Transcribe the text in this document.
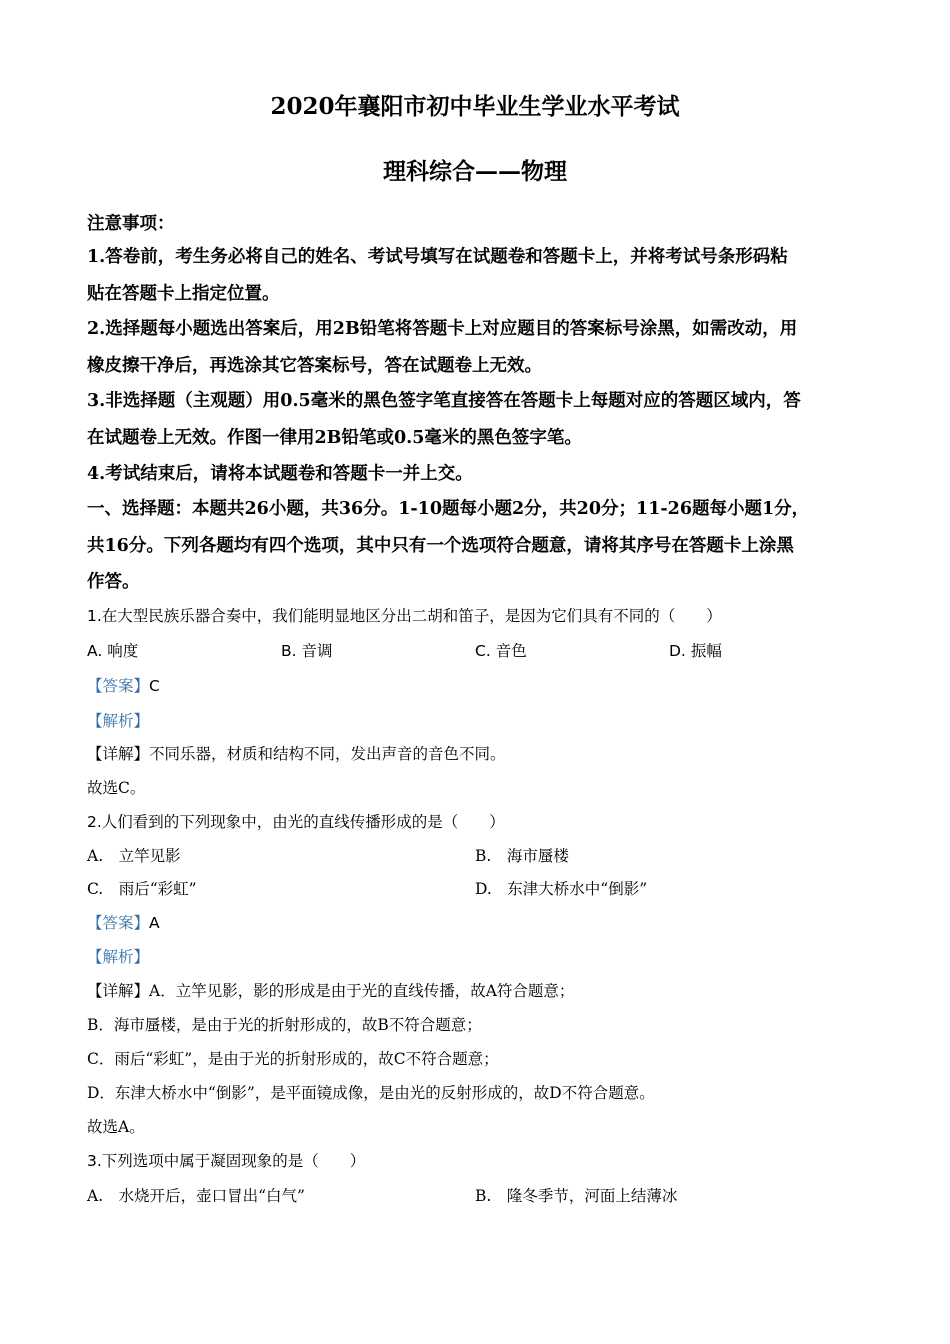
2020年襄阳市初中毕业生学业水平考试
理科综合——物理
注意事项：
1.答卷前，考生务必将自己的姓名、考试号填写在试题卷和答题卡上，并将考试号条形码粘
贴在答题卡上指定位置。
2.选择题每小题选出答案后，用2B铅笔将答题卡上对应题目的答案标号涂黑，如需改动，用
橡皮擦干净后，再选涂其它答案标号，答在试题卷上无效。
3.非选择题（主观题）用0.5毫米的黑色签字笔直接答在答题卡上每题对应的答题区域内，答
在试题卷上无效。作图一律用2B铅笔或0.5毫米的黑色签字笔。
4.考试结束后，请将本试题卷和答题卡一并上交。
一、选择题：本题共26小题，共36分。1-10题每小题2分，共20分；11-26题每小题1分，
共16分。下列各题均有四个选项，其中只有一个选项符合题意，请将其序号在答题卡上涂黑
作答。
1.在大型民族乐器合奏中，我们能明显地区分出二胡和笛子，是因为它们具有不同的（　　）
A. 响度	B. 音调	C. 音色	D. 振幅
【答案】C
【解析】
【详解】不同乐器，材质和结构不同，发出声音的音色不同。
故选C。
2.人们看到的下列现象中，由光的直线传播形成的是（　　）
A.　立竿见影	B.　海市蜃楼
C.　雨后“彩虹”	D.　东津大桥水中“倒影”
【答案】A
【解析】
【详解】A．立竿见影，影的形成是由于光的直线传播，故A符合题意；
B．海市蜃楼，是由于光的折射形成的，故B不符合题意；
C．雨后“彩虹”，是由于光的折射形成的，故C不符合题意；
D．东津大桥水中“倒影”，是平面镜成像，是由光的反射形成的，故D不符合题意。
故选A。
3.下列选项中属于凝固现象的是（　　）
A.　水烧开后，壶口冒出“白气”	B.　隆冬季节，河面上结薄冰
